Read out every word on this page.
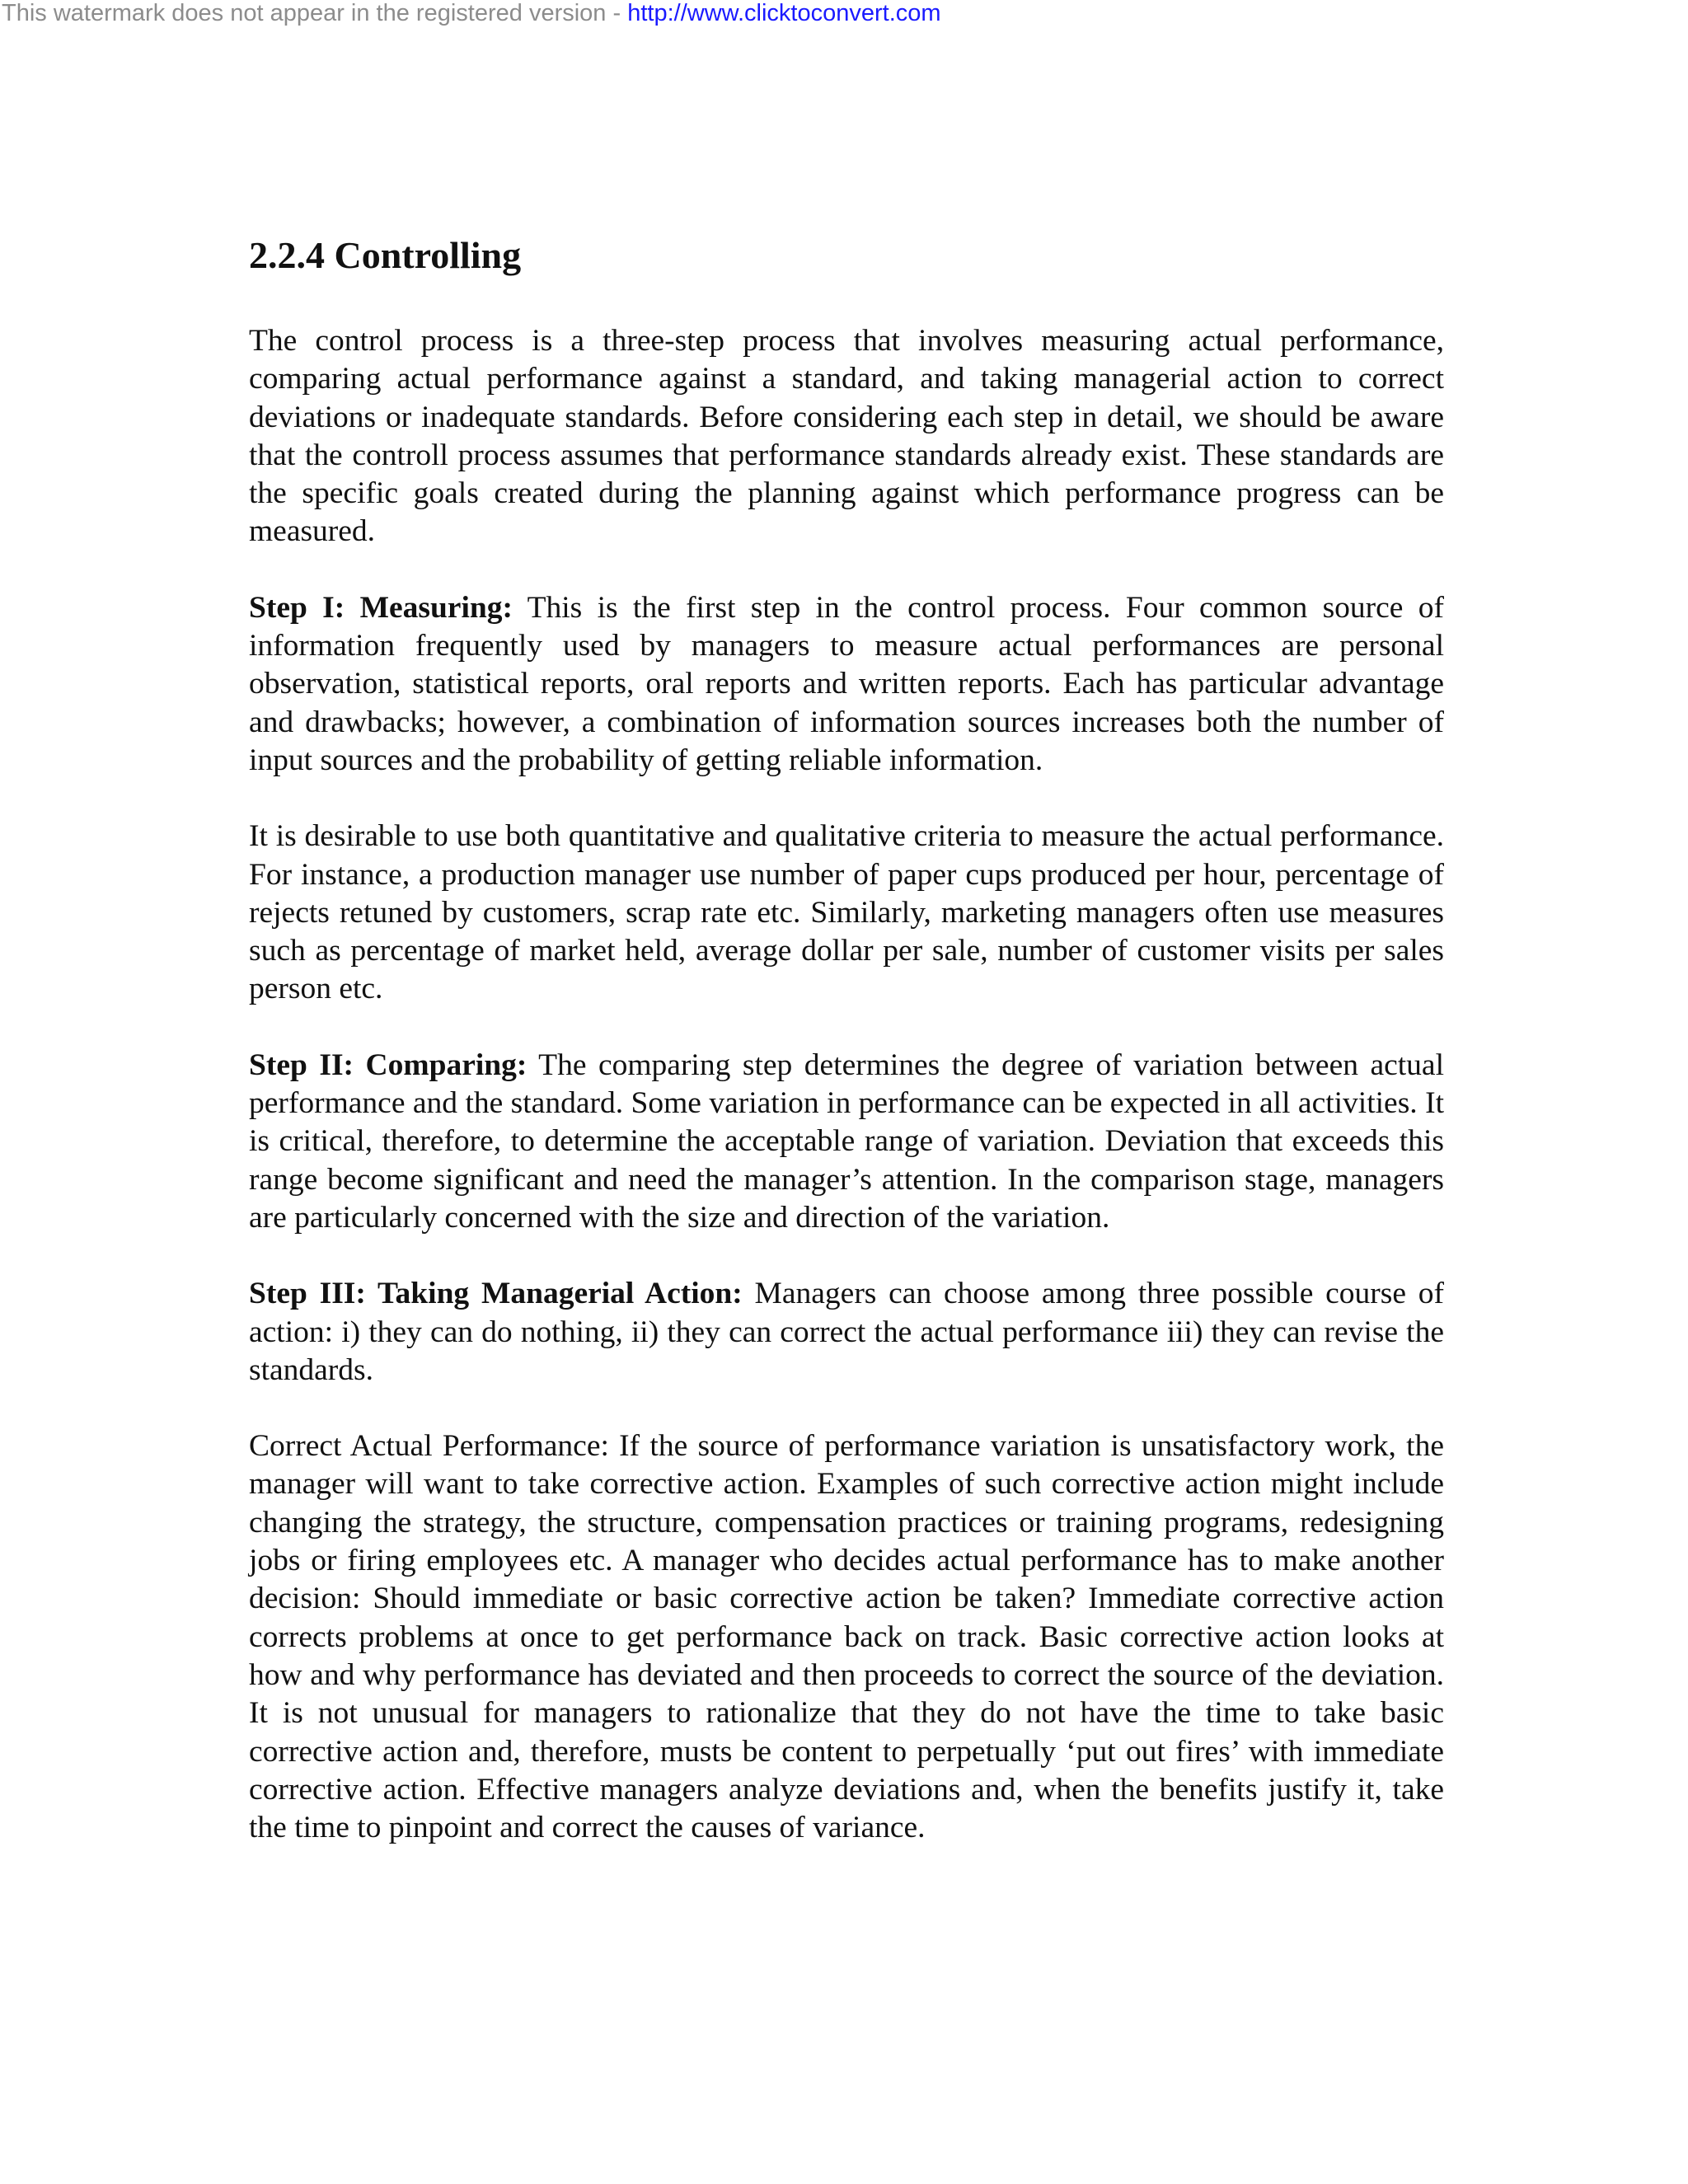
This watermark does not appear in the registered version - http://www.clicktoconvert.com
2.2.4 Controlling

The control process is a three-step process that involves measuring actual performance, comparing actual performance against a standard, and taking managerial action to correct deviations or inadequate standards. Before considering each step in detail, we should be aware that the controll process assumes that performance standards already exist. These standards are the specific goals created during the planning against which performance progress can be measured.

Step I: Measuring: This is the first step in the control process. Four common source of information frequently used by managers to measure actual performances are personal observation, statistical reports, oral reports and written reports. Each has particular advantage and drawbacks; however, a combination of information sources increases both the number of input sources and the probability of getting reliable information.

It is desirable to use both quantitative and qualitative criteria to measure the actual performance. For instance, a production manager use number of paper cups produced per hour, percentage of rejects retuned by customers, scrap rate etc. Similarly, marketing managers often use measures such as percentage of market held, average dollar per sale, number of customer visits per sales person etc.

Step II: Comparing: The comparing step determines the degree of variation between actual performance and the standard. Some variation in performance can be expected in all activities. It is critical, therefore, to determine the acceptable range of variation. Deviation that exceeds this range become significant and need the manager’s attention. In the comparison stage, managers are particularly concerned with the size and direction of the variation.

Step III: Taking Managerial Action: Managers can choose among three possible course of action: i) they can do nothing, ii) they can correct the actual performance iii) they can revise the standards.

Correct Actual Performance: If the source of performance variation is unsatisfactory work, the manager will want to take corrective action. Examples of such corrective action might include changing the strategy, the structure, compensation practices or training programs, redesigning jobs or firing employees etc. A manager who decides actual performance has to make another decision: Should immediate or basic corrective action be taken? Immediate corrective action corrects problems at once to get performance back on track. Basic corrective action looks at how and why performance has deviated and then proceeds to correct the source of the deviation. It is not unusual for managers to rationalize that they do not have the time to take basic corrective action and, therefore, musts be content to perpetually ‘put out fires’ with immediate corrective action. Effective managers analyze deviations and, when the benefits justify it, take the time to pinpoint and correct the causes of variance.
